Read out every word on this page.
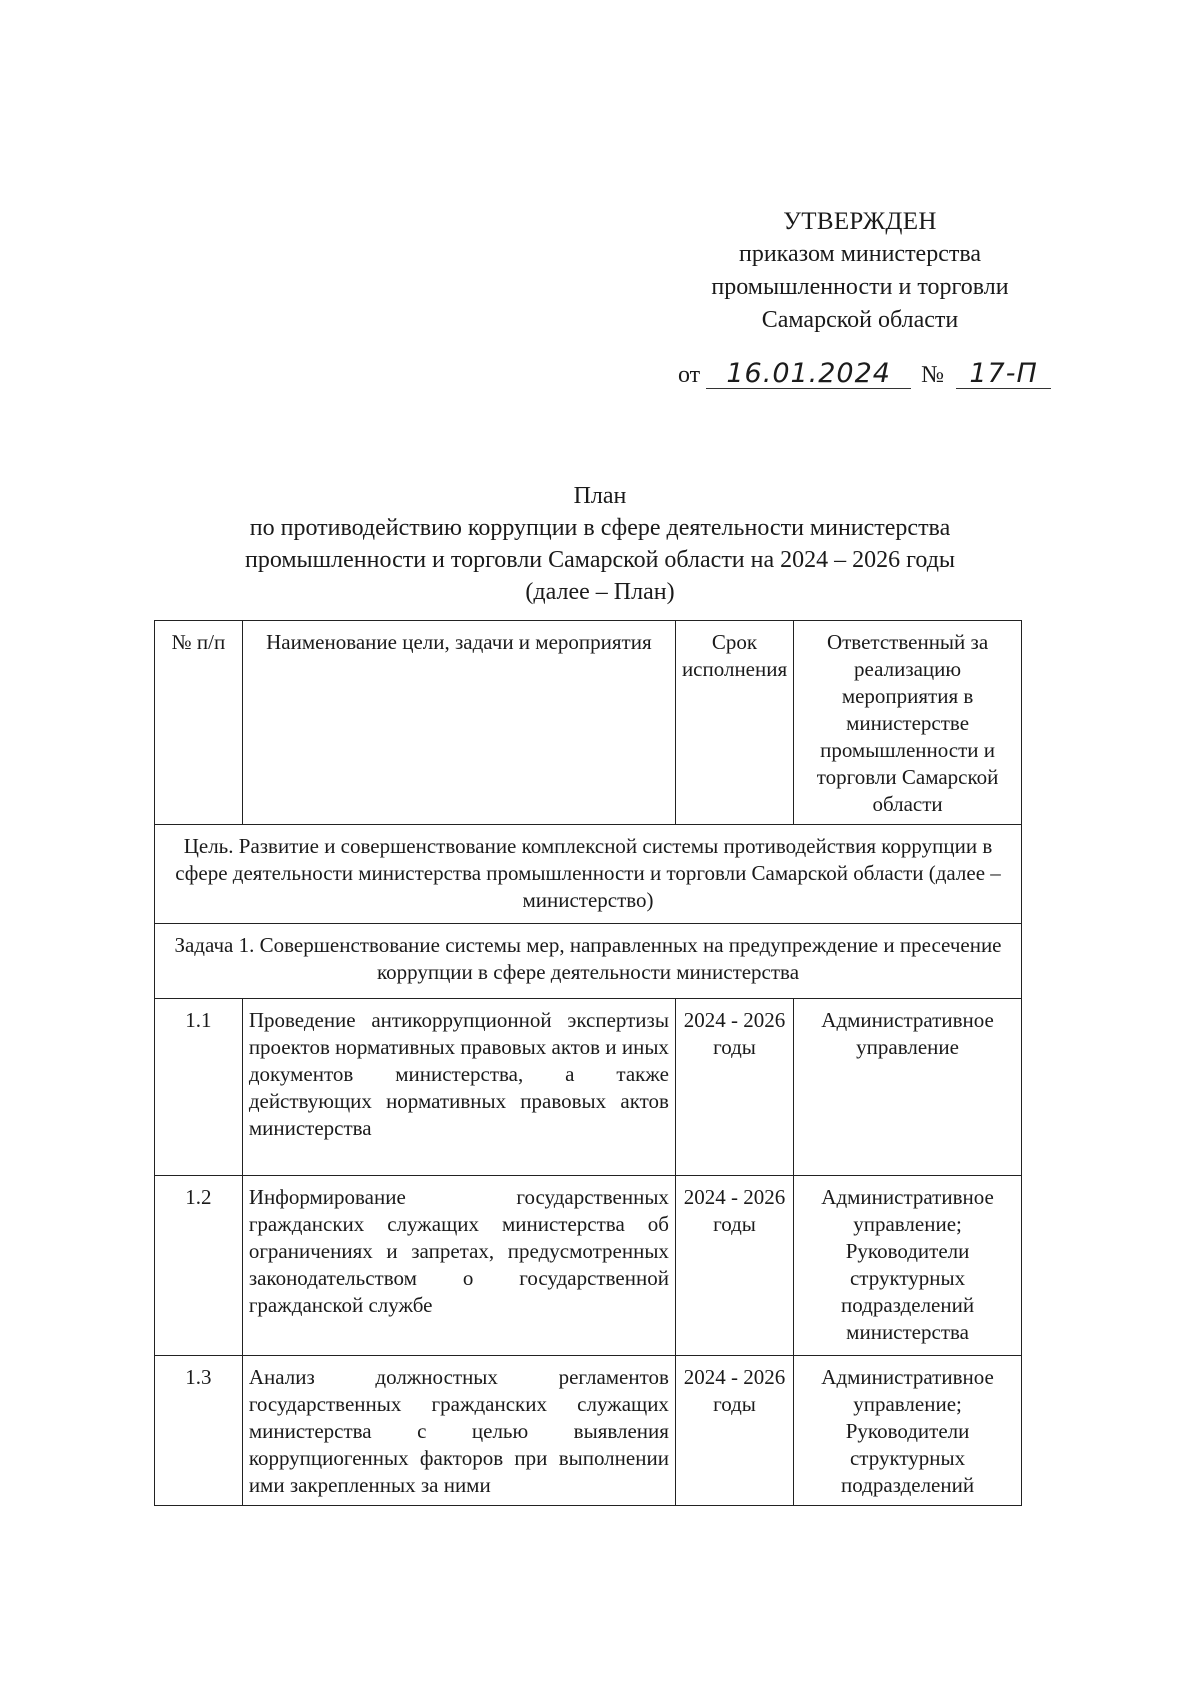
УТВЕРЖДЕН
приказом министерства
промышленности и торговли
Самарской области
от 16.01.2024 № 17-П
План
по противодействию коррупции в сфере деятельности министерства
промышленности и торговли Самарской области на 2024 – 2026 годы
(далее – План)
№ п/п	Наименование цели, задачи и мероприятия	Срок исполнения	Ответственный за реализацию мероприятия в министерстве промышленности и торговли Самарской области
Цель. Развитие и совершенствование комплексной системы противодействия коррупции в сфере деятельности министерства промышленности и торговли Самарской области (далее – министерство)			
Задача 1. Совершенствование системы мер, направленных на предупреждение и пресечение коррупции в сфере деятельности министерства			
1.1	Проведение антикоррупционной экспертизы проектов нормативных правовых актов и иных документов министерства, а также действующих нормативных правовых актов министерства	2024 - 2026 годы	Административное управление
1.2	Информирование государственных гражданских служащих министерства об ограничениях и запретах, предусмотренных законодательством о государственной гражданской службе	2024 - 2026 годы	Административное управление; Руководители структурных подразделений министерства
1.3	Анализ должностных регламентов государственных гражданских служащих министерства с целью выявления коррупциогенных факторов при выполнении ими закрепленных за ними	2024 - 2026 годы	Административное управление; Руководители структурных подразделений
